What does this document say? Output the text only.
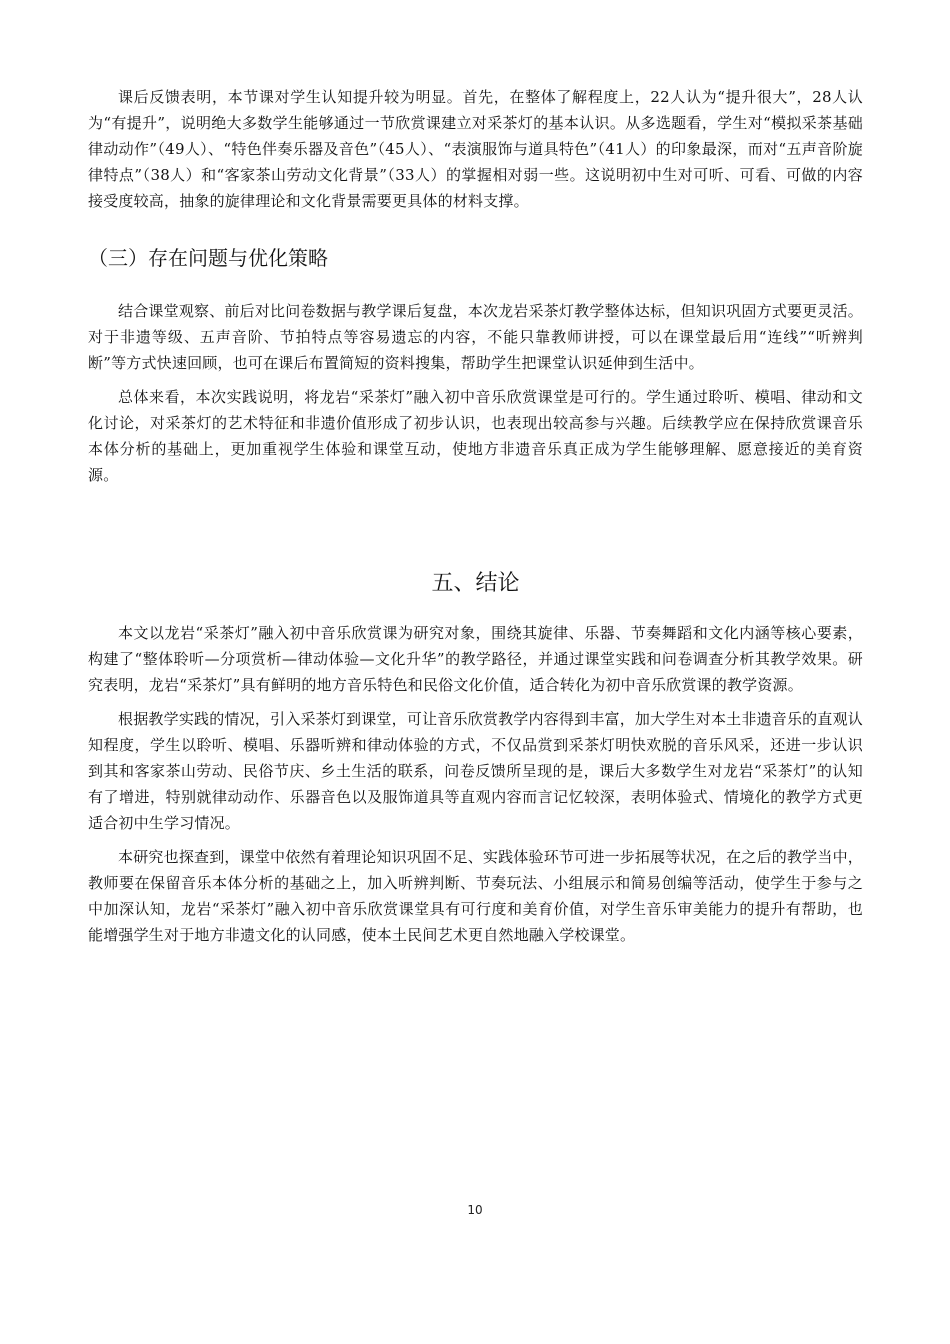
课后反馈表明，本节课对学生认知提升较为明显。首先，在整体了解程度上，22人认为“提升很大”，28人认为“有提升”，说明绝大多数学生能够通过一节欣赏课建立对采茶灯的基本认识。从多选题看，学生对“模拟采茶基础律动动作”（49人）、“特色伴奏乐器及音色”（45人）、“表演服饰与道具特色”（41人）的印象最深，而对“五声音阶旋律特点”（38人）和“客家茶山劳动文化背景”（33人）的掌握相对弱一些。这说明初中生对可听、可看、可做的内容接受度较高，抽象的旋律理论和文化背景需要更具体的材料支撑。

（三）存在问题与优化策略

结合课堂观察、前后对比问卷数据与教学课后复盘，本次龙岩采茶灯教学整体达标，但知识巩固方式要更灵活。对于非遗等级、五声音阶、节拍特点等容易遗忘的内容，不能只靠教师讲授，可以在课堂最后用“连线”“听辨判断”等方式快速回顾，也可在课后布置简短的资料搜集，帮助学生把课堂认识延伸到生活中。

总体来看，本次实践说明，将龙岩“采茶灯”融入初中音乐欣赏课堂是可行的。学生通过聆听、模唱、律动和文化讨论，对采茶灯的艺术特征和非遗价值形成了初步认识，也表现出较高参与兴趣。后续教学应在保持欣赏课音乐本体分析的基础上，更加重视学生体验和课堂互动，使地方非遗音乐真正成为学生能够理解、愿意接近的美育资源。

五、结论

本文以龙岩“采茶灯”融入初中音乐欣赏课为研究对象，围绕其旋律、乐器、节奏舞蹈和文化内涵等核心要素，构建了“整体聆听—分项赏析—律动体验—文化升华”的教学路径，并通过课堂实践和问卷调查分析其教学效果。研究表明，龙岩“采茶灯”具有鲜明的地方音乐特色和民俗文化价值，适合转化为初中音乐欣赏课的教学资源。

根据教学实践的情况，引入采茶灯到课堂，可让音乐欣赏教学内容得到丰富，加大学生对本土非遗音乐的直观认知程度，学生以聆听、模唱、乐器听辨和律动体验的方式，不仅品赏到采茶灯明快欢脱的音乐风采，还进一步认识到其和客家茶山劳动、民俗节庆、乡土生活的联系，问卷反馈所呈现的是，课后大多数学生对龙岩“采茶灯”的认知有了增进，特别就律动动作、乐器音色以及服饰道具等直观内容而言记忆较深，表明体验式、情境化的教学方式更适合初中生学习情况。

本研究也探查到，课堂中依然有着理论知识巩固不足、实践体验环节可进一步拓展等状况，在之后的教学当中，教师要在保留音乐本体分析的基础之上，加入听辨判断、节奏玩法、小组展示和简易创编等活动，使学生于参与之中加深认知，龙岩“采茶灯”融入初中音乐欣赏课堂具有可行度和美育价值，对学生音乐审美能力的提升有帮助，也能增强学生对于地方非遗文化的认同感，使本土民间艺术更自然地融入学校课堂。

10
